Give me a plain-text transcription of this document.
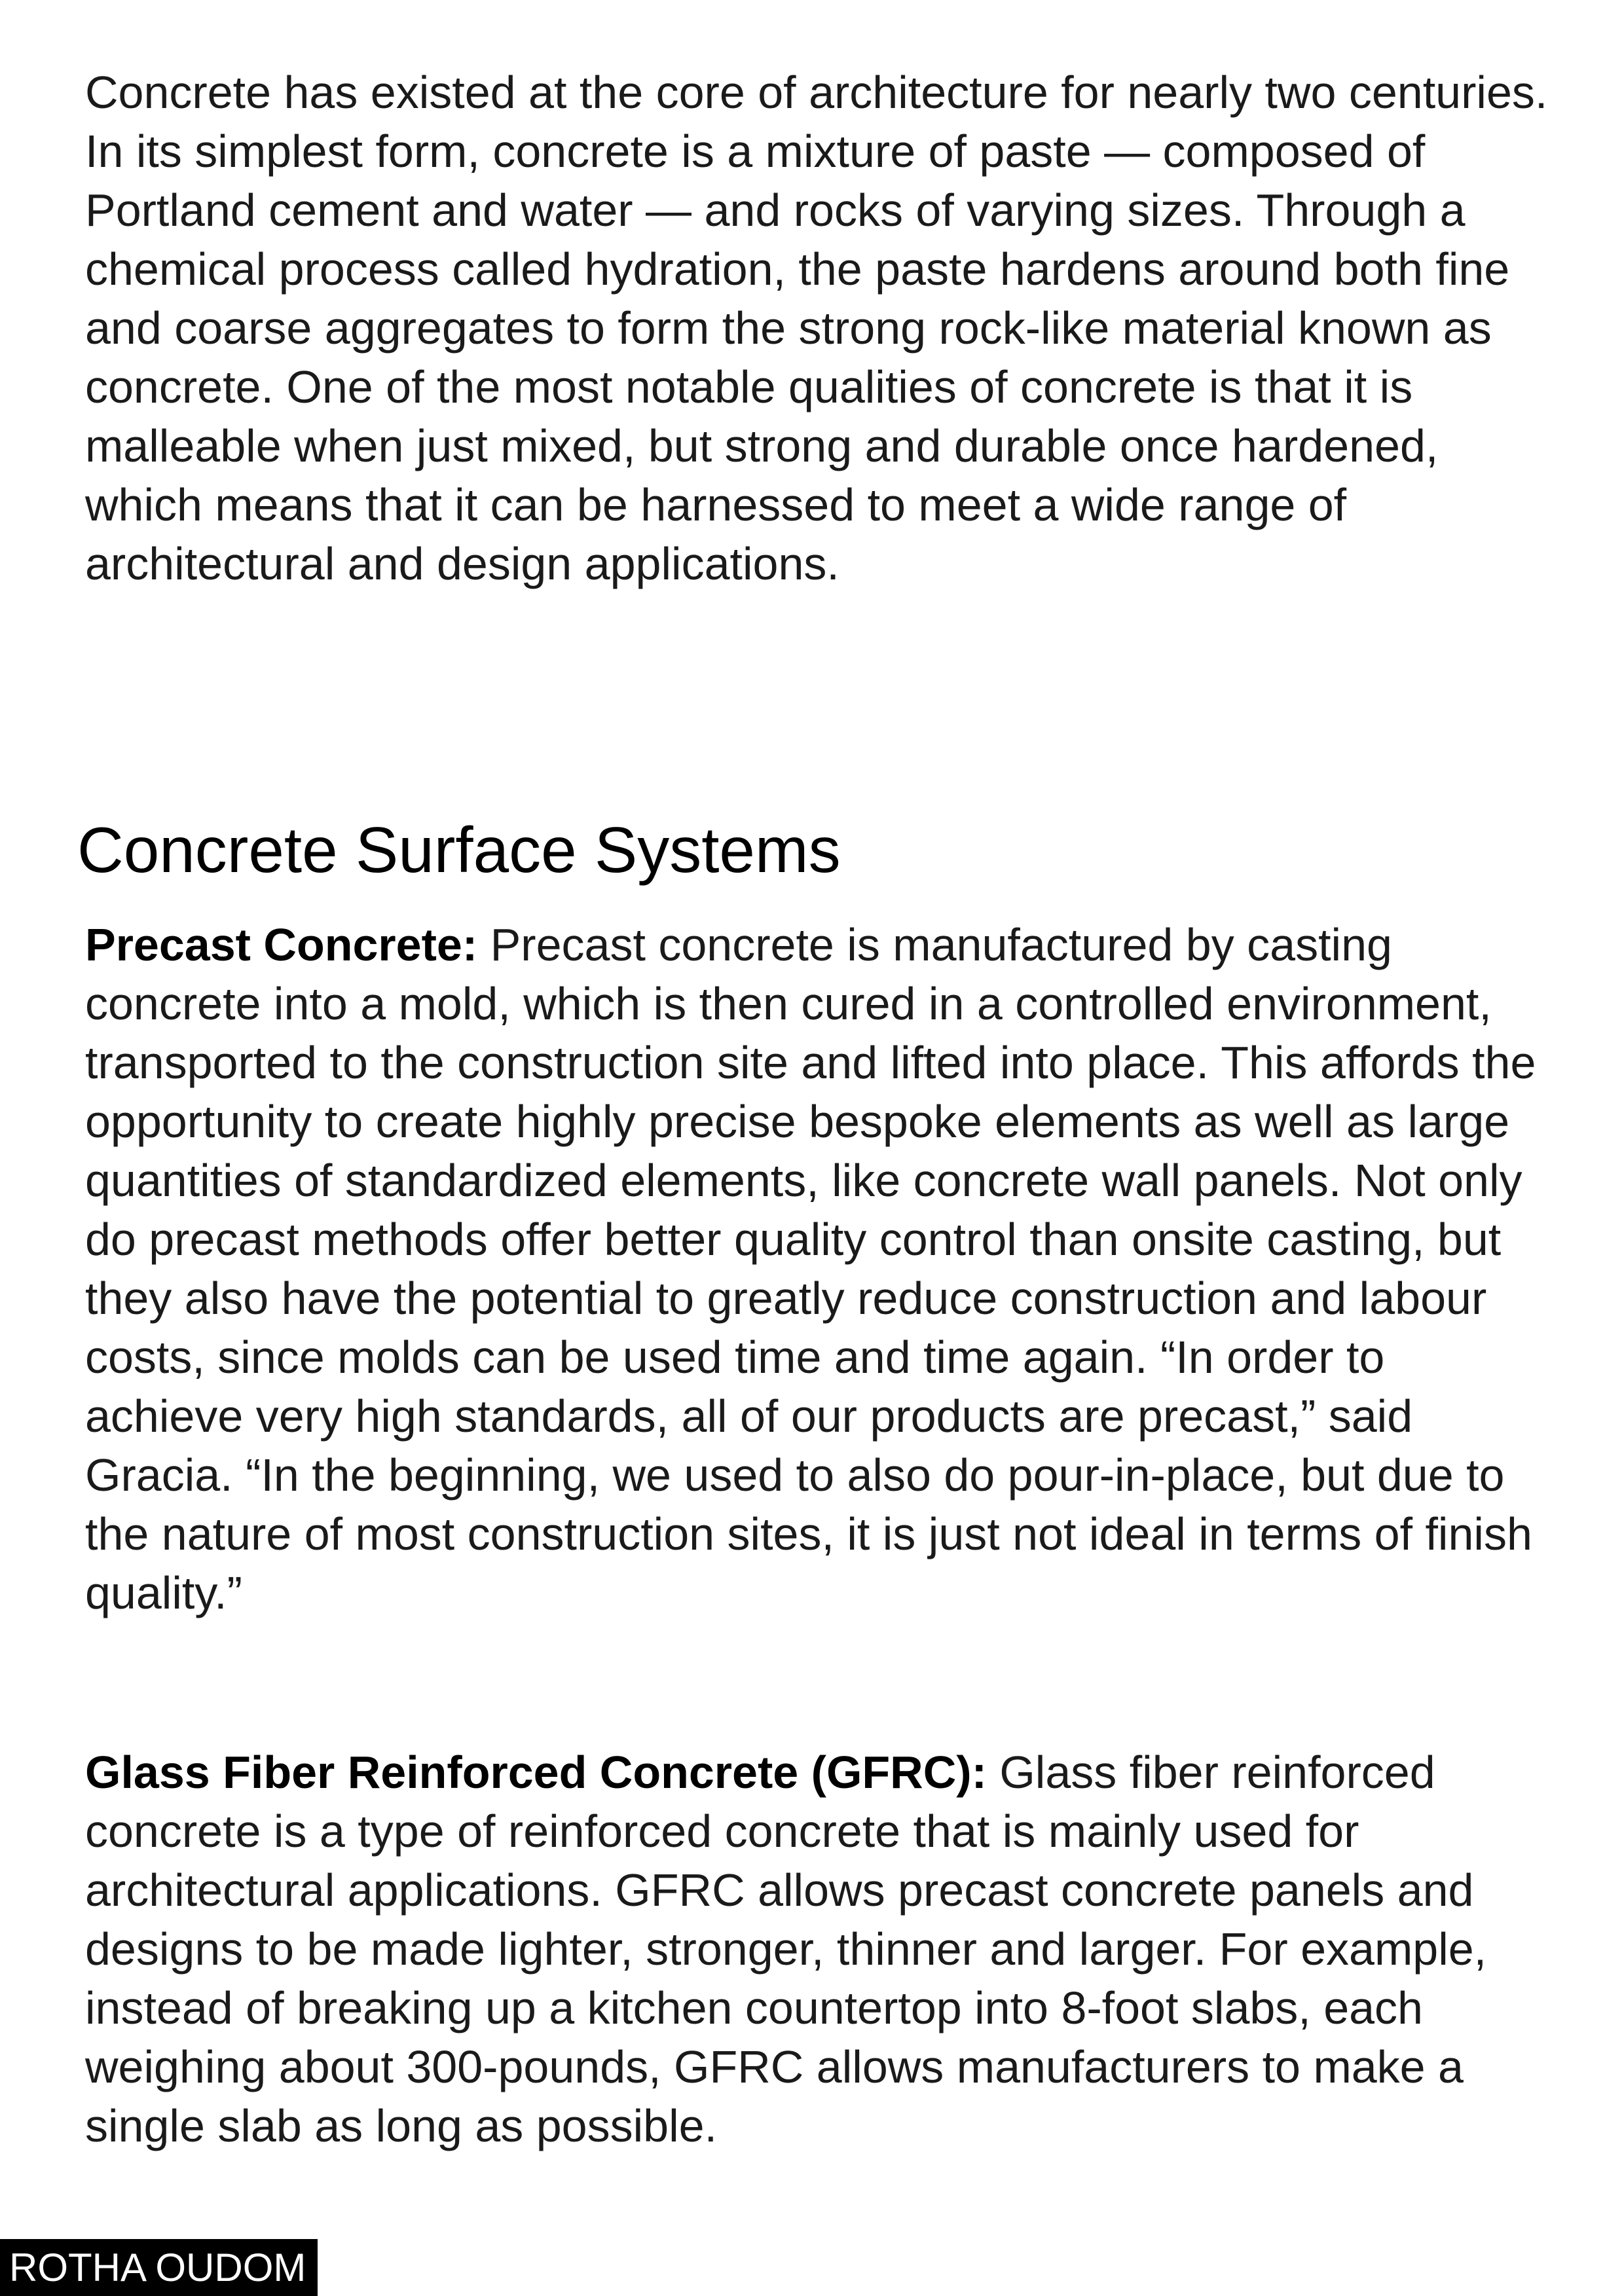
Concrete has existed at the core of architecture for nearly two centuries. In its simplest form, concrete is a mixture of paste — composed of Portland cement and water — and rocks of varying sizes. Through a chemical process called hydration, the paste hardens around both fine and coarse aggregates to form the strong rock-like material known as concrete. One of the most notable qualities of concrete is that it is malleable when just mixed, but strong and durable once hardened, which means that it can be harnessed to meet a wide range of architectural and design applications.

Concrete Surface Systems

Precast Concrete: Precast concrete is manufactured by casting concrete into a mold, which is then cured in a controlled environment, transported to the construction site and lifted into place. This affords the opportunity to create highly precise bespoke elements as well as large quantities of standardized elements, like concrete wall panels. Not only do precast methods offer better quality control than onsite casting, but they also have the potential to greatly reduce construction and labour costs, since molds can be used time and time again. “In order to achieve very high standards, all of our products are precast,” said Gracia. “In the beginning, we used to also do pour-in-place, but due to the nature of most construction sites, it is just not ideal in terms of finish quality.”

Glass Fiber Reinforced Concrete (GFRC): Glass fiber reinforced concrete is a type of reinforced concrete that is mainly used for architectural applications. GFRC allows precast concrete panels and designs to be made lighter, stronger, thinner and larger. For example, instead of breaking up a kitchen countertop into 8-foot slabs, each weighing about 300-pounds, GFRC allows manufacturers to make a single slab as long as possible.

ROTHA OUDOM
